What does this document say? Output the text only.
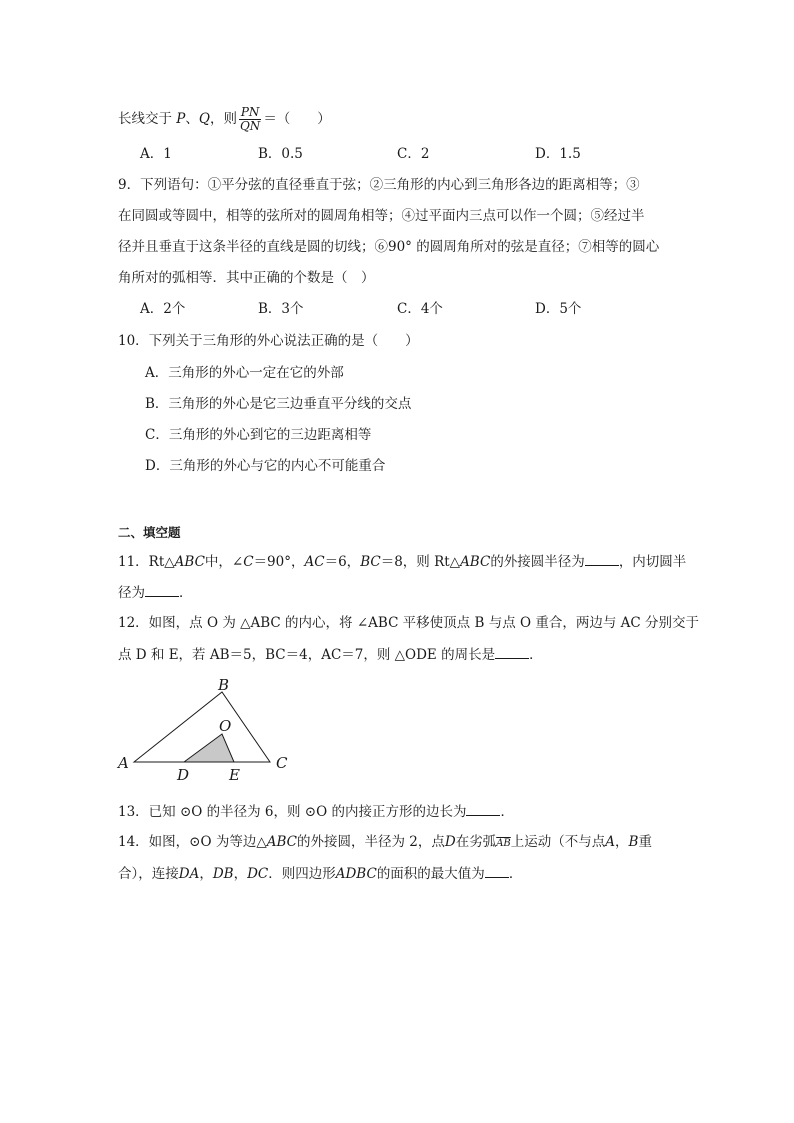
长线交于 P、Q，则 $\frac{PN}{QN}$ ＝（　　）
A．1	B．0.5	C．2	D．1.5
9．下列语句：①平分弦的直径垂直于弦；②三角形的内心到三角形各边的距离相等；③
在同圆或等圆中，相等的弦所对的圆周角相等；④过平面内三点可以作一个圆；⑤经过半
径并且垂直于这条半径的直线是圆的切线；⑥90° 的圆周角所对的弦是直径；⑦相等的圆心
角所对的弧相等．其中正确的个数是（　）
A．2个	B．3个	C．4个	D．5个
10．下列关于三角形的外心说法正确的是（　　）
A．三角形的外心一定在它的外部
B．三角形的外心是它三边垂直平分线的交点
C．三角形的外心到它的三边距离相等
D．三角形的外心与它的内心不可能重合
二、填空题
11．Rt△ABC中，∠C＝90°，AC＝6，BC＝8，则 Rt△ABC的外接圆半径为	，内切圆半
径为	．
12．如图，点 O 为 △ABC 的内心，将 ∠ABC 平移使顶点 B 与点 O 重合，两边与 AC 分别交于
点 D 和 E，若 AB＝5，BC＝4，AC＝7，则 △ODE 的周长是	．
A
B
C
O
D	E
13．已知 ⊙O 的半径为 6，则 ⊙O 的内接正方形的边长为	．
14．如图，⊙O 为等边△ABC的外接圆，半径为 2，点D在劣弧$\overline{AB}$上运动（不与点A，B重
合），连接DA，DB，DC．则四边形ADBC的面积的最大值为 ．
